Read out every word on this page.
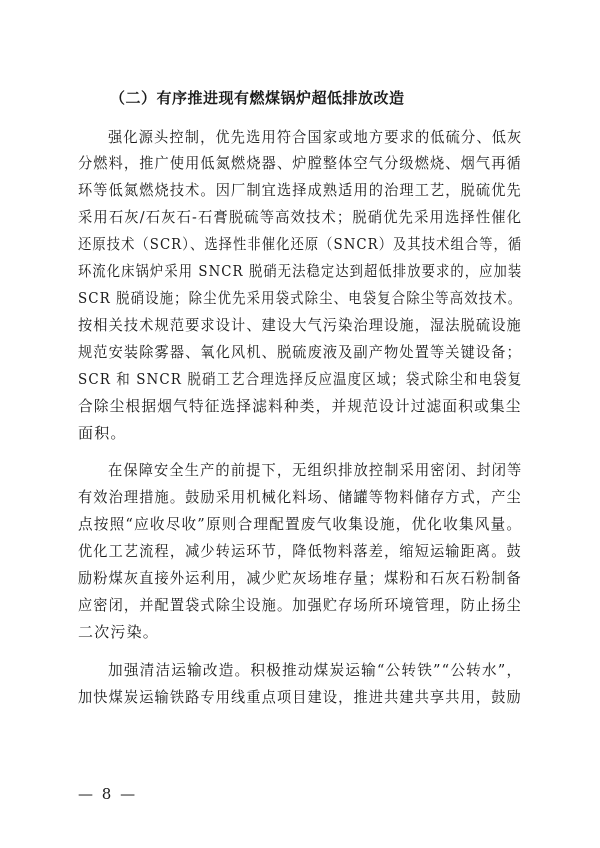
（二）有序推进现有燃煤锅炉超低排放改造
强化源头控制，优先选用符合国家或地方要求的低硫分、低灰
分燃料，推广使用低氮燃烧器、炉膛整体空气分级燃烧、烟气再循
环等低氮燃烧技术。因厂制宜选择成熟适用的治理工艺，脱硫优先
采用石灰/石灰石-石膏脱硫等高效技术；脱硝优先采用选择性催化
还原技术（SCR）、选择性非催化还原（SNCR）及其技术组合等，循
环流化床锅炉采用 SNCR 脱硝无法稳定达到超低排放要求的，应加装
SCR 脱硝设施；除尘优先采用袋式除尘、电袋复合除尘等高效技术。
按相关技术规范要求设计、建设大气污染治理设施，湿法脱硫设施
规范安装除雾器、氧化风机、脱硫废液及副产物处置等关键设备；
SCR 和 SNCR 脱硝工艺合理选择反应温度区域；袋式除尘和电袋复
合除尘根据烟气特征选择滤料种类，并规范设计过滤面积或集尘
面积。
在保障安全生产的前提下，无组织排放控制采用密闭、封闭等
有效治理措施。鼓励采用机械化料场、储罐等物料储存方式，产尘
点按照“应收尽收”原则合理配置废气收集设施，优化收集风量。
优化工艺流程，减少转运环节，降低物料落差，缩短运输距离。鼓
励粉煤灰直接外运利用，减少贮灰场堆存量；煤粉和石灰石粉制备
应密闭，并配置袋式除尘设施。加强贮存场所环境管理，防止扬尘
二次污染。
加强清洁运输改造。积极推动煤炭运输“公转铁”“公转水”，
加快煤炭运输铁路专用线重点项目建设，推进共建共享共用，鼓励
— 8 —
